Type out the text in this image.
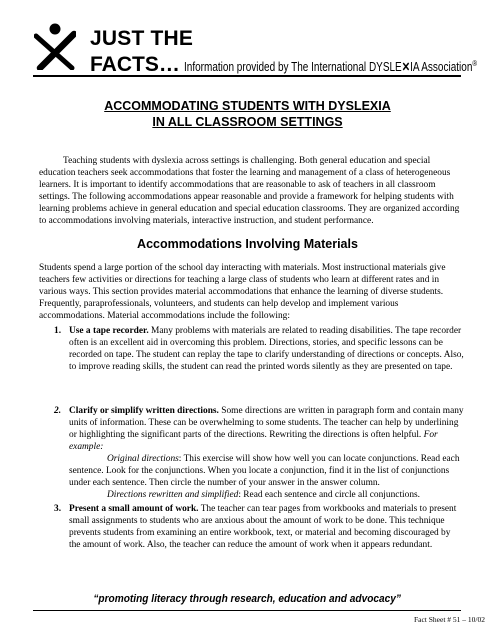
JUST THE
FACTS… Information provided by The International DYSLE✕IA Association®
ACCOMMODATING STUDENTS WITH DYSLEXIA
IN ALL CLASSROOM SETTINGS

Teaching students with dyslexia across settings is challenging. Both general education and special education teachers seek accommodations that foster the learning and management of a class of heterogeneous learners. It is important to identify accommodations that are reasonable to ask of teachers in all classroom settings. The following accommodations appear reasonable and provide a framework for helping students with learning problems achieve in general education and special education classrooms. They are organized according to accommodations involving materials, interactive instruction, and student performance.

Accommodations Involving Materials

Students spend a large portion of the school day interacting with materials. Most instructional materials give teachers few activities or directions for teaching a large class of students who learn at different rates and in various ways. This section provides material accommodations that enhance the learning of diverse students. Frequently, paraprofessionals, volunteers, and students can help develop and implement various accommodations. Material accommodations include the following:

1. Use a tape recorder. Many problems with materials are related to reading disabilities. The tape recorder often is an excellent aid in overcoming this problem. Directions, stories, and specific lessons can be recorded on tape. The student can replay the tape to clarify understanding of directions or concepts. Also, to improve reading skills, the student can read the printed words silently as they are presented on tape.
2. Clarify or simplify written directions. Some directions are written in paragraph form and contain many units of information. These can be overwhelming to some students. The teacher can help by underlining or highlighting the significant parts of the directions. Rewriting the directions is often helpful. For example:
Original directions: This exercise will show how well you can locate conjunctions. Read each sentence. Look for the conjunctions. When you locate a conjunction, find it in the list of conjunctions under each sentence. Then circle the number of your answer in the answer column.
Directions rewritten and simplified: Read each sentence and circle all conjunctions.
3. Present a small amount of work. The teacher can tear pages from workbooks and materials to present small assignments to students who are anxious about the amount of work to be done. This technique prevents students from examining an entire workbook, text, or material and becoming discouraged by the amount of work. Also, the teacher can reduce the amount of work when it appears redundant.
“promoting literacy through research, education and advocacy”
Fact Sheet # 51 – 10/02
